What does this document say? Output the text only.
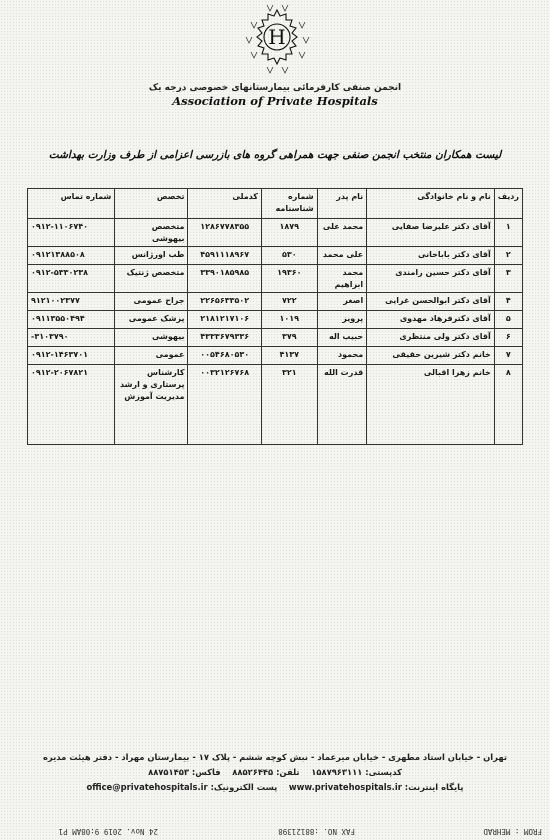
H
انجمن صنفی کارفرمائی بیمارستانهای خصوصی درجه یک
Association of Private Hospitals
لیست همکاران منتخب انجمن صنفی جهت همراهی گروه های بازرسی اعزامی از طرف وزارت بهداشت
ردیف	نام و نام خانوادگی	نام پدر	شماره شناسنامه	کدملی	تخصص	شماره تماس
۱	آقای دکتر علیرضا صفایی	محمد علی	۱۸۷۹	۱۲۸۶۷۷۸۳۵۵	متخصص بیهوشی	۰۹۱۲-۱۱۰۶۷۴۰
۲	آقای دکتر باباخانی	علی محمد	۵۳۰	۴۵۹۱۱۱۸۹۶۷	طب اورژانس	۰۹۱۲۱۳۸۸۵۰۸
۳	آقای دکتر حسین رامندی	محمد ابراهیم	۱۹۳۶۰	۳۳۹۰۱۸۵۹۸۵	متخصص ژنتیک	۰۹۱۲-۵۳۳۰۲۳۸
۴	آقای دکتر ابوالحسن غرایی	اصغر	۷۲۲	۲۲۶۵۶۳۳۵۰۲	جراح عمومی	۹۱۲۱۰۰۲۳۷۷
۵	آقای دکترفرهاد مهدوی	پرویز	۱۰۱۹	۲۱۸۱۲۱۷۱۰۶	پزشک عمومی	۰۹۱۱۳۵۵۰۴۹۴
۶	آقای دکتر ولی منتظری	حبیب اله	۳۷۹	۴۳۳۳۶۷۹۳۳۶	بیهوشی	-۳۱۰۳۷۹۰
۷	خانم دکتر شیرین حقیقی	محمود	۴۱۳۷	۰۰۵۴۶۸۰۵۳۰	عمومی	۰۹۱۲-۱۴۶۳۷۰۱
۸	خانم زهرا اقبالی	قدرت الله	۳۲۱	۰۰۳۲۱۲۶۷۶۸	کارشناس پرستاری و ارشد مدیریت آموزش	۰۹۱۲-۲۰۶۷۸۲۱
تهران - خیابان استاد مطهری - خیابان میرعماد - نبش کوچه ششم - پلاک ۱۷ - بیمارستان مهراد - دفتر هیئت مدیره
کدپستی: ۱۵۸۷۹۶۳۱۱۱    تلفن: ۸۸۵۲۶۴۴۵    فاکس: ۸۸۷۵۱۴۵۳
پایگاه اینترنت: www.privatehospitals.ir    پست الکترونیک: office@privatehospitals.ir
FROM : MEHRAD
FAX NO. :88121398
24 Nov. 2019 9:08AM P1
